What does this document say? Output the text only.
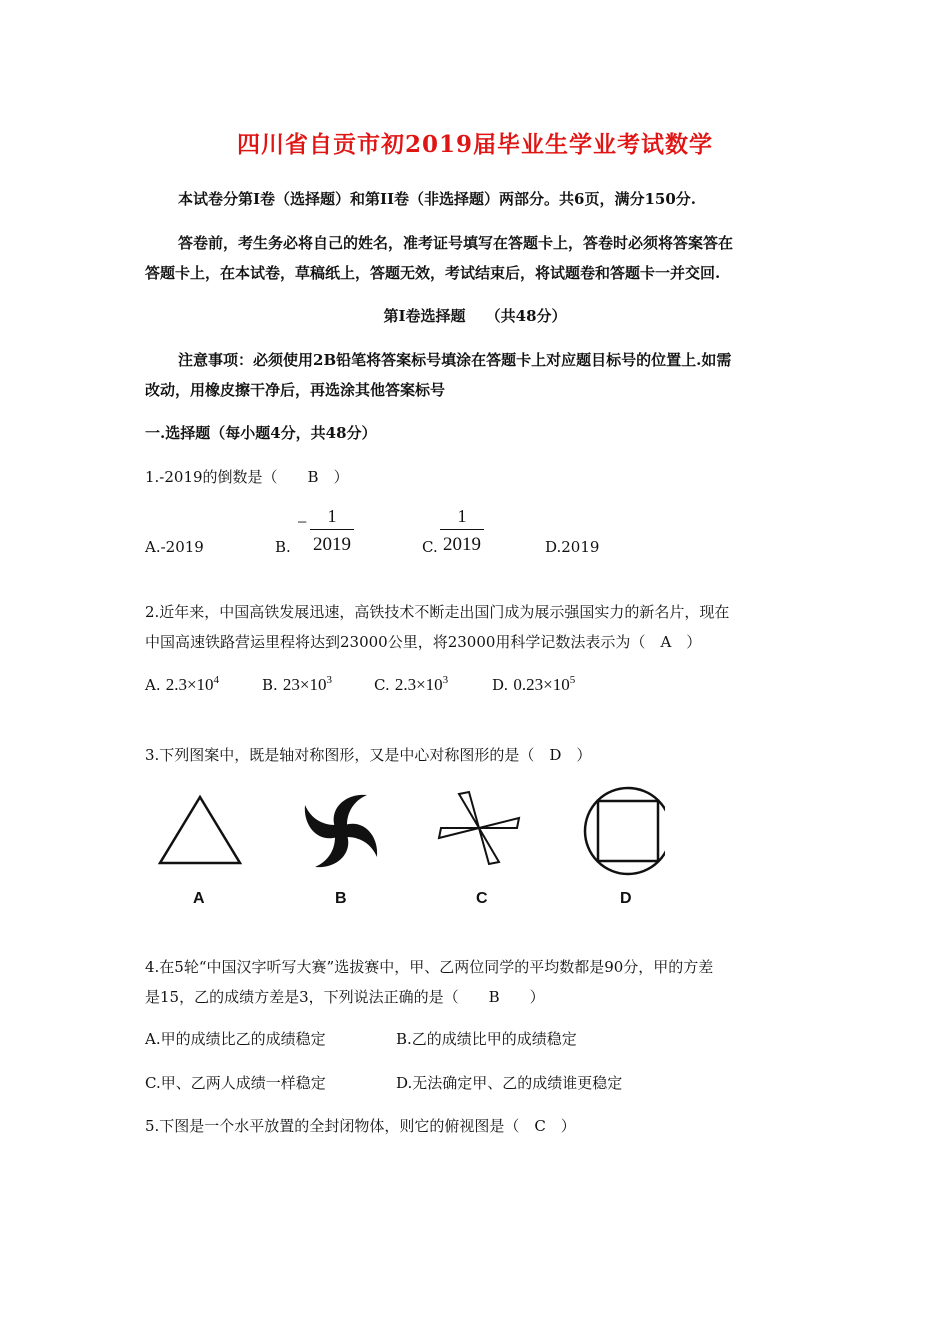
四川省自贡市初2019届毕业生学业考试数学
本试卷分第Ⅰ卷（选择题）和第II卷（非选择题）两部分。共6页，满分150分.
答卷前，考生务必将自己的姓名，准考证号填写在答题卡上，答卷时必须将答案答在
答题卡上，在本试卷，草稿纸上，答题无效，考试结束后，将试题卷和答题卡一并交回.
第Ⅰ卷选择题　 （共48分）
注意事项：必须使用2B铅笔将答案标号填涂在答题卡上对应题目标号的位置上.如需
改动，用橡皮擦干净后，再选涂其他答案标号
一.选择题（每小题4分，共48分）
1.-2019的倒数是（　　B　）
A.-2019	B.
−	1
2019	C.
1
2019	D.2019
2.近年来，中国高铁发展迅速，高铁技术不断走出国门成为展示强国实力的新名片，现在
中国高速铁路营运里程将达到23000公里，将23000用科学记数法表示为（　A　）
A. $2.3\times 10^4$	B. $23\times 10^3$	C. $2.3\times 10^3$	D. $0.23\times 10^5$
3.下列图案中，既是轴对称图形，又是中心对称图形的是（　D　）
A	B	C	D
4.在5轮“中国汉字听写大赛”选拔赛中，甲、乙两位同学的平均数都是90分，甲的方差
是15，乙的成绩方差是3，下列说法正确的是（　　B　　）
A.甲的成绩比乙的成绩稳定	B.乙的成绩比甲的成绩稳定
C.甲、乙两人成绩一样稳定	D.无法确定甲、乙的成绩谁更稳定
5.下图是一个水平放置的全封闭物体，则它的俯视图是（　C　）
